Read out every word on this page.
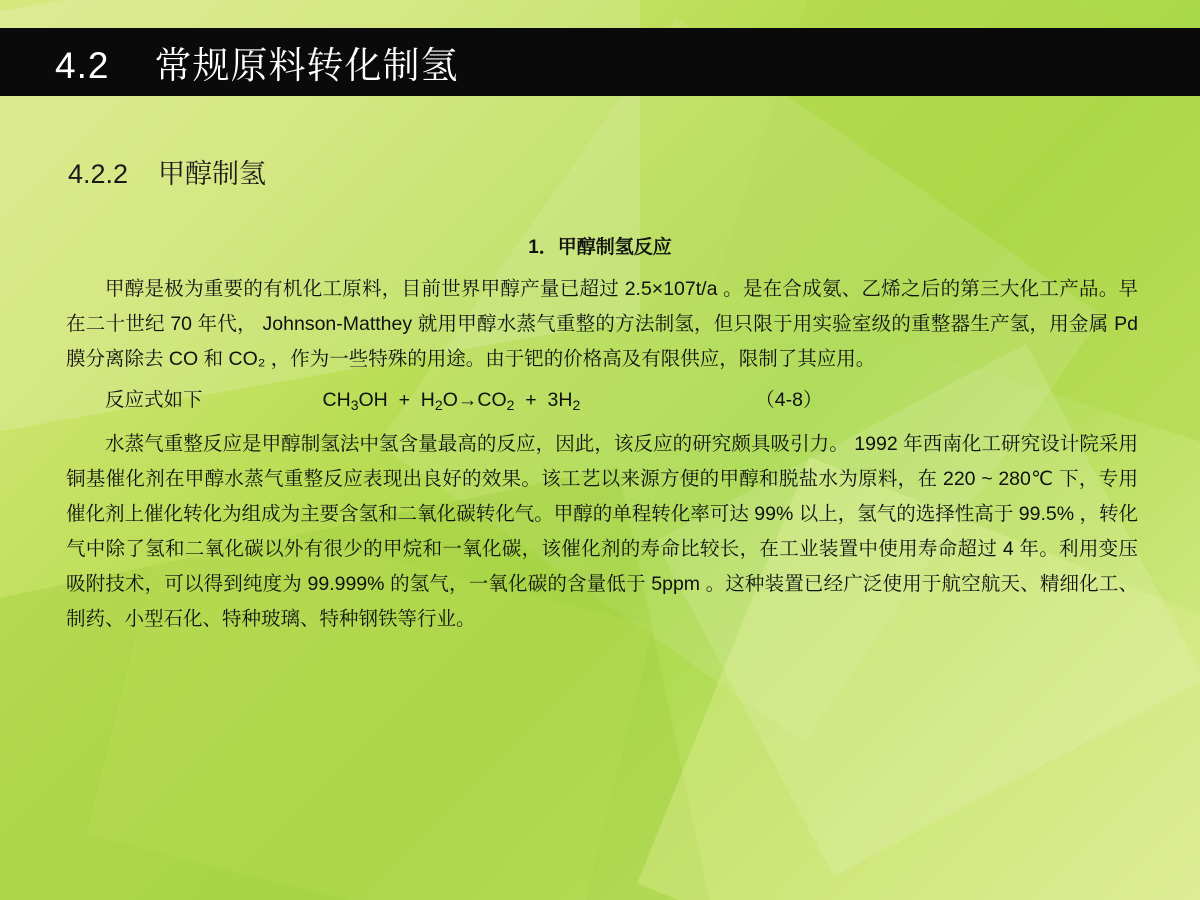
4.2    常规原料转化制氢
4.2.2    甲醇制氢
1．甲醇制氢反应

甲醇是极为重要的有机化工原料，目前世界甲醇产量已超过 2.5×107t/a 。是在合成氨、乙烯之后的第三大化工产品。早在二十世纪 70 年代， Johnson-Matthey 就用甲醇水蒸气重整的方法制氢，但只限于用实验室级的重整器生产氢，用金属 Pd 膜分离除去 CO 和 CO₂ ，作为一些特殊的用途。由于钯的价格高及有限供应，限制了其应用。

反应式如下	$CH_3OH + H_2O\to CO_2 + 3H_2$	（4-8）

水蒸气重整反应是甲醇制氢法中氢含量最高的反应，因此，该反应的研究颇具吸引力。 1992 年西南化工研究设计院采用铜基催化剂在甲醇水蒸气重整反应表现出良好的效果。该工艺以来源方便的甲醇和脱盐水为原料，在 220 ~ 280℃ 下，专用催化剂上催化转化为组成为主要含氢和二氧化碳转化气。甲醇的单程转化率可达 99% 以上，氢气的选择性高于 99.5% ，转化气中除了氢和二氧化碳以外有很少的甲烷和一氧化碳，该催化剂的寿命比较长，在工业装置中使用寿命超过 4 年。利用变压吸附技术，可以得到纯度为 99.999% 的氢气，一氧化碳的含量低于 5ppm 。这种装置已经广泛使用于航空航天、精细化工、制药、小型石化、特种玻璃、特种钢铁等行业。
